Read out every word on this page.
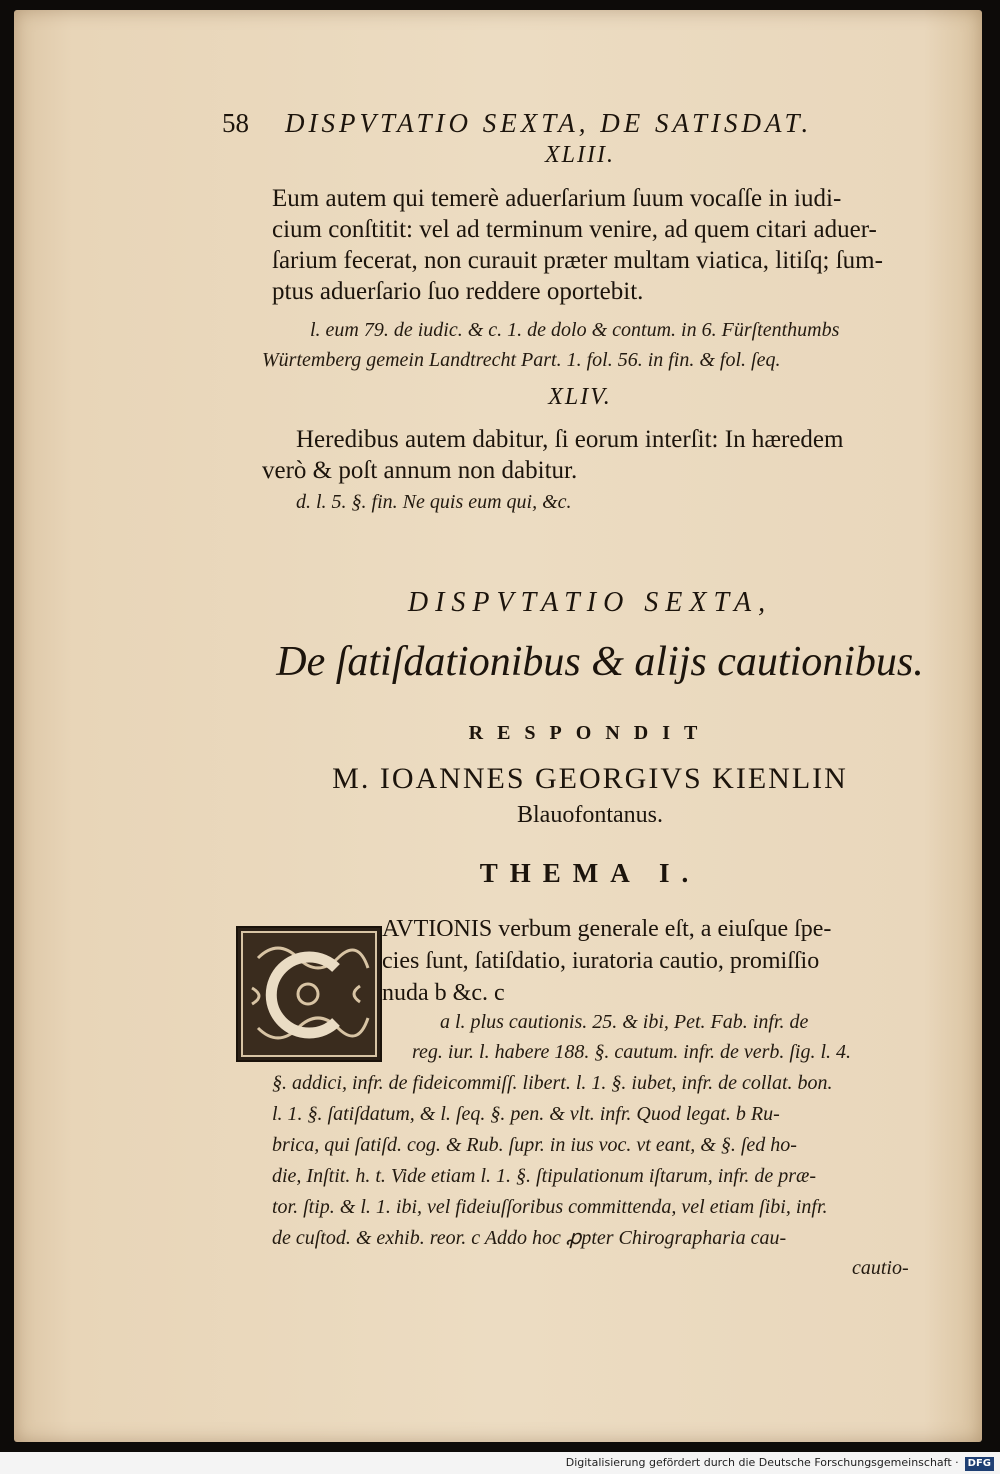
58 DISPVTATIO SEXTA, DE SATISDAT.
XLIII.
Eum autem qui temerè aduerſarium ſuum vocaſſe in iudi-
cium conſtitit: vel ad terminum venire, ad quem citari aduer-
ſarium fecerat, non curauit præter multam viatica, litiſq; ſum-
ptus aduerſario ſuo reddere oportebit.
l. eum 79. de iudic. & c. 1. de dolo & contum. in 6. Fürſtenthumbs
Würtemberg gemein Landtrecht Part. 1. fol. 56. in fin. & fol. ſeq.
XLIV.
Heredibus autem dabitur, ſi eorum interſit: In hæredem
verò & poſt annum non dabitur.
d. l. 5. §. fin. Ne quis eum qui, &c.
DISPVTATIO SEXTA,
De ſatiſdationibus & alijs cautionibus.
RESPONDIT
M. IOANNES GEORGIVS KIENLIN
Blauofontanus.
THEMA I.
AVTIONIS verbum generale eſt, a eiuſque ſpe-
cies ſunt, ſatiſdatio, iuratoria cautio, promiſſio
nuda b &c. c
a l. plus cautionis. 25. & ibi, Pet. Fab. infr. de
reg. iur. l. habere 188. §. cautum. infr. de verb. ſig. l. 4.
§. addici, infr. de fideicommiſſ. libert. l. 1. §. iubet, infr. de collat. bon.
l. 1. §. ſatiſdatum, & l. ſeq. §. pen. & vlt. infr. Quod legat. b Ru-
brica, qui ſatiſd. cog. & Rub. ſupr. in ius voc. vt eant, & §. ſed ho-
die, Inſtit. h. t. Vide etiam l. 1. §. ſtipulationum iſtarum, infr. de præ-
tor. ſtip. & l. 1. ibi, vel fideiuſſoribus committenda, vel etiam ſibi, infr.
de cuſtod. & exhib. reor. c Addo hoc ꝓpter Chirographaria cau-
cautio-
Digitalisierung gefördert durch die Deutsche Forschungsgemeinschaft · DFG
